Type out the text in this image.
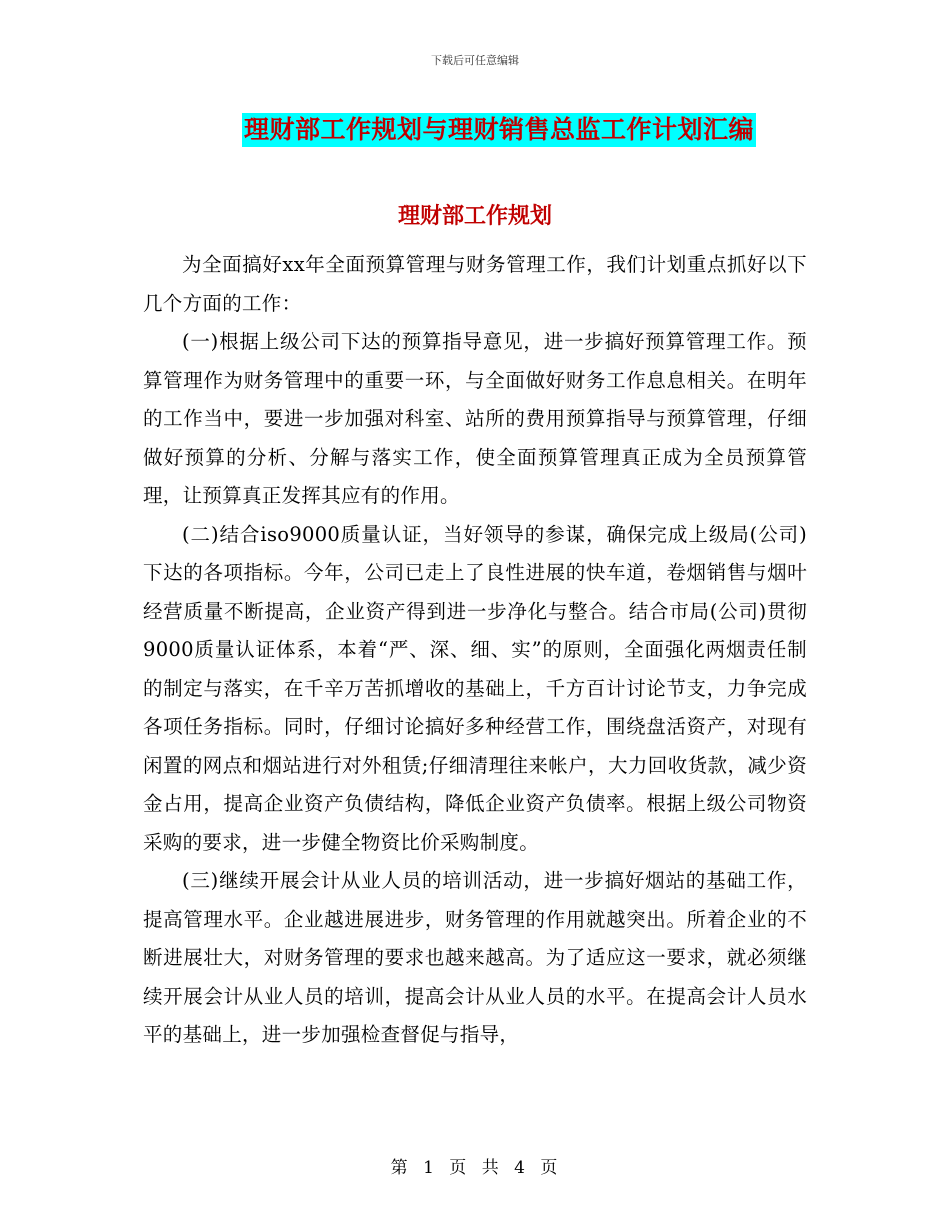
下载后可任意编辑
理财部工作规划与理财销售总监工作计划汇编
理财部工作规划

为全面搞好xx年全面预算管理与财务管理工作，我们计划重点抓好以下几个方面的工作：

(一)根据上级公司下达的预算指导意见，进一步搞好预算管理工作。预算管理作为财务管理中的重要一环，与全面做好财务工作息息相关。在明年的工作当中，要进一步加强对科室、站所的费用预算指导与预算管理，仔细做好预算的分析、分解与落实工作，使全面预算管理真正成为全员预算管理，让预算真正发挥其应有的作用。

(二)结合iso9000质量认证，当好领导的参谋，确保完成上级局(公司)下达的各项指标。今年，公司已走上了良性进展的快车道，卷烟销售与烟叶经营质量不断提高，企业资产得到进一步净化与整合。结合市局(公司)贯彻9000质量认证体系，本着“严、深、细、实”的原则，全面强化两烟责任制的制定与落实，在千辛万苦抓增收的基础上，千方百计讨论节支，力争完成各项任务指标。同时，仔细讨论搞好多种经营工作，围绕盘活资产，对现有闲置的网点和烟站进行对外租赁;仔细清理往来帐户，大力回收货款，减少资金占用，提高企业资产负债结构，降低企业资产负债率。根据上级公司物资采购的要求，进一步健全物资比价采购制度。

(三)继续开展会计从业人员的培训活动，进一步搞好烟站的基础工作，提高管理水平。企业越进展进步，财务管理的作用就越突出。所着企业的不断进展壮大，对财务管理的要求也越来越高。为了适应这一要求，就必须继续开展会计从业人员的培训，提高会计从业人员的水平。在提高会计人员水平的基础上，进一步加强检查督促与指导，

第 1 页 共 4 页
